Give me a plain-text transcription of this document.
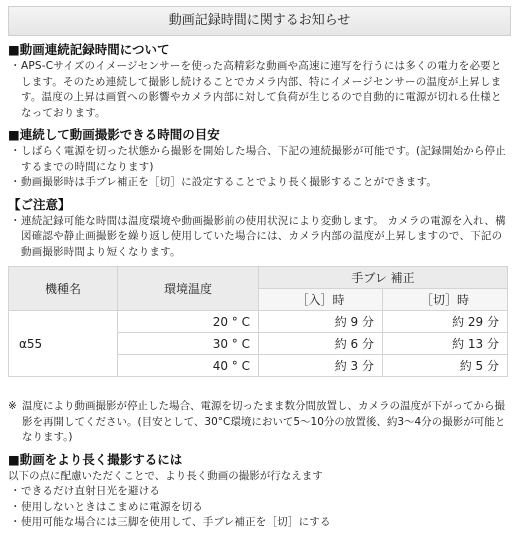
動画記録時間に関するお知らせ
■動画連続記録時間について
・ APS-Cサイズのイメージセンサーを使った高精彩な動画や高速に連写を行うには多くの電力を必要とします。そのため連続して撮影し続けることでカメラ内部、特にイメージセンサーの温度が上昇します。温度の上昇は画質への影響やカメラ内部に対して負荷が生じるので自動的に電源が切れる仕様となっております。
■連続して動画撮影できる時間の目安
・ しばらく電源を切った状態から撮影を開始した場合、下記の連続撮影が可能です。(記録開始から停止するまでの時間になります)
・ 動画撮影時は手ブレ補正を［切］に設定することでより長く撮影することができます。
【ご注意】
・ 連続記録可能な時間は温度環境や動画撮影前の使用状況により変動します。 カメラの電源を入れ、構図確認や静止画撮影を繰り返し使用していた場合には、カメラ内部の温度が上昇しますので、下記の動画撮影時間より短くなります。
機種名	環境温度	手ブレ 補正	
		［入］時	［切］時
α55	20 ° C	約 9 分	約 29 分
	30 ° C	約 6 分	約 13 分
	40 ° C	約 3 分	約 5 分
※ 温度により動画撮影が停止した場合、電源を切ったまま数分間放置し、カメラの温度が下がってから撮影を再開してください。(目安として、30°C環境において5～10分の放置後、約3～4分の撮影が可能となります。)
■動画をより長く撮影するには

以下の点に配慮いただくことで、より長く動画の撮影が行なえます

・ できるだけ直射日光を避ける
・ 使用しないときはこまめに電源を切る
・ 使用可能な場合には三脚を使用して、手ブレ補正を［切］にする
